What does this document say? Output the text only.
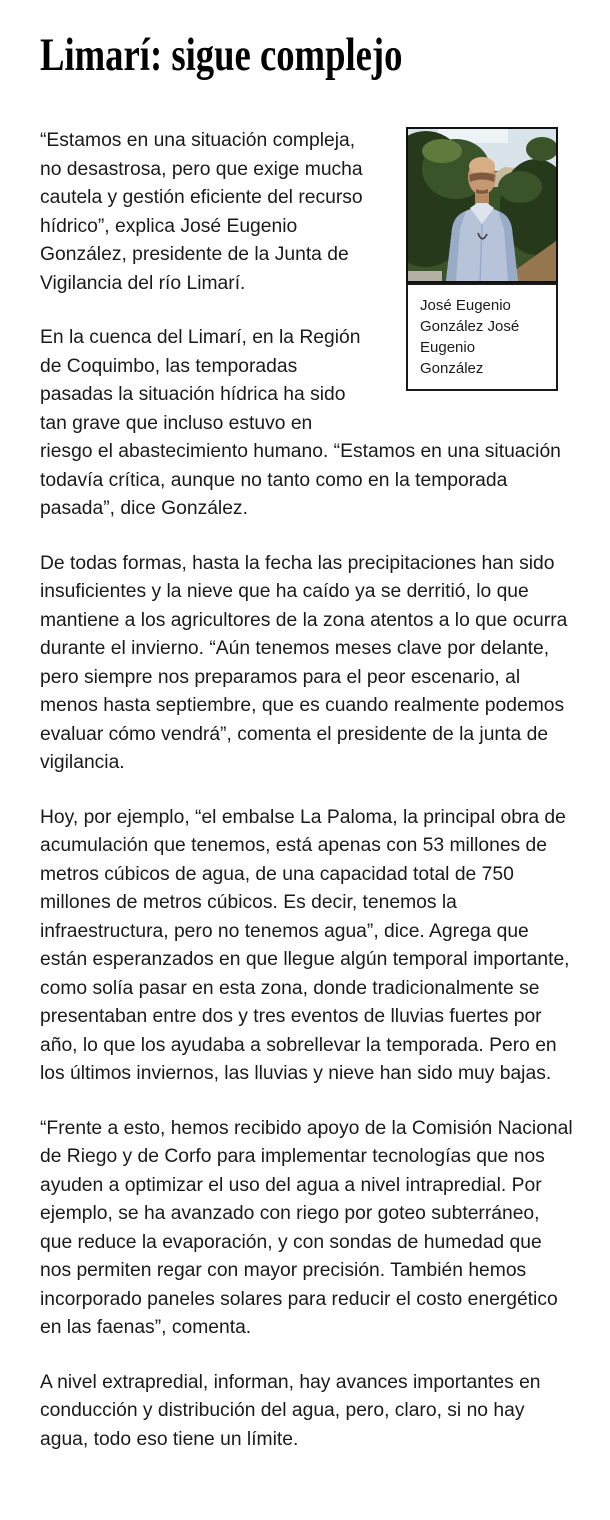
Limarí: sigue complejo
José Eugenio González José Eugenio González

“Estamos en una situación compleja, no desastrosa, pero que exige mucha cautela y gestión eficiente del recurso hídrico”, explica José Eugenio González, presidente de la Junta de Vigilancia del río Limarí.

En la cuenca del Limarí, en la Región de Coquimbo, las temporadas pasadas la situación hídrica ha sido tan grave que incluso estuvo en riesgo el abastecimiento humano. “Estamos en una situación todavía crítica, aunque no tanto como en la temporada pasada”, dice González.

De todas formas, hasta la fecha las precipitaciones han sido insuficientes y la nieve que ha caído ya se derritió, lo que mantiene a los agricultores de la zona atentos a lo que ocurra durante el invierno. “Aún tenemos meses clave por delante, pero siempre nos preparamos para el peor escenario, al menos hasta septiembre, que es cuando realmente podemos evaluar cómo vendrá”, comenta el presidente de la junta de vigilancia.

Hoy, por ejemplo, “el embalse La Paloma, la principal obra de acumulación que tenemos, está apenas con 53 millones de metros cúbicos de agua, de una capacidad total de 750 millones de metros cúbicos. Es decir, tenemos la infraestructura, pero no tenemos agua”, dice. Agrega que están esperanzados en que llegue algún temporal importante, como solía pasar en esta zona, donde tradicionalmente se presentaban entre dos y tres eventos de lluvias fuertes por año, lo que los ayudaba a sobrellevar la temporada. Pero en los últimos inviernos, las lluvias y nieve han sido muy bajas.

“Frente a esto, hemos recibido apoyo de la Comisión Nacional de Riego y de Corfo para implementar tecnologías que nos ayuden a optimizar el uso del agua a nivel intrapredial. Por ejemplo, se ha avanzado con riego por goteo subterráneo, que reduce la evaporación, y con sondas de humedad que nos permiten regar con mayor precisión. También hemos incorporado paneles solares para reducir el costo energético en las faenas”, comenta.

A nivel extrapredial, informan, hay avances importantes en conducción y distribución del agua, pero, claro, si no hay agua, todo eso tiene un límite.
